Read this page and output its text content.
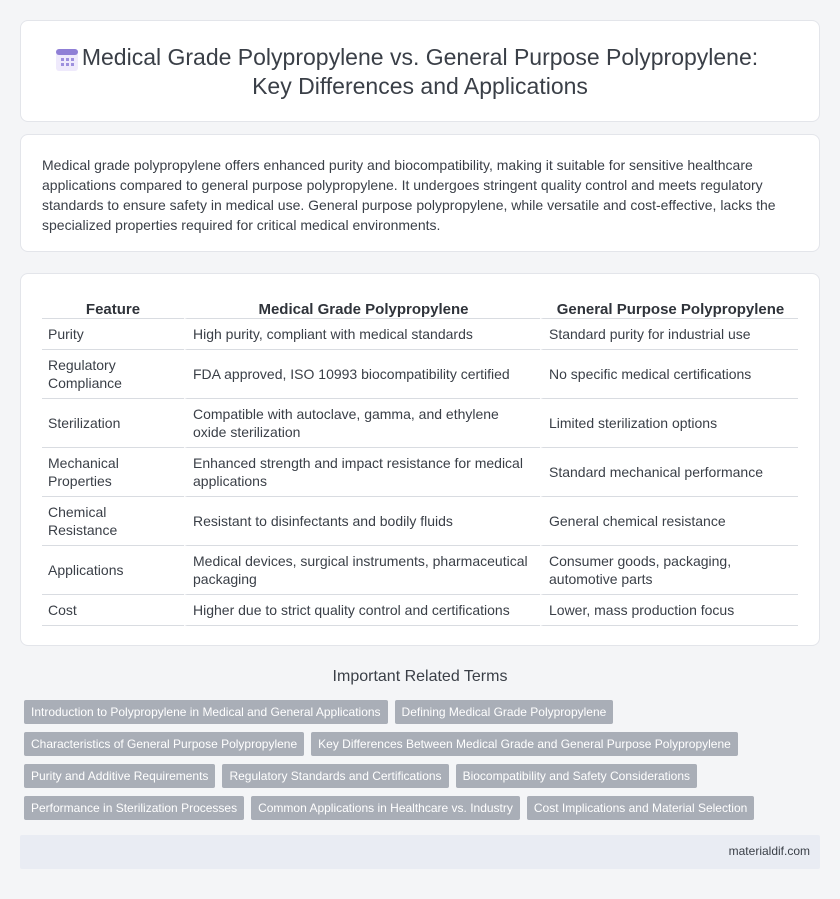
Medical Grade Polypropylene vs. General Purpose Polypropylene:
Key Differences and Applications

Medical grade polypropylene offers enhanced purity and biocompatibility, making it suitable for sensitive healthcare applications compared to general purpose polypropylene. It undergoes stringent quality control and meets regulatory standards to ensure safety in medical use. General purpose polypropylene, while versatile and cost-effective, lacks the specialized properties required for critical medical environments.

Feature	Medical Grade Polypropylene	General Purpose Polypropylene
Purity	High purity, compliant with medical standards	Standard purity for industrial use
Regulatory Compliance	FDA approved, ISO 10993 biocompatibility certified	No specific medical certifications
Sterilization	Compatible with autoclave, gamma, and ethylene oxide sterilization	Limited sterilization options
Mechanical Properties	Enhanced strength and impact resistance for medical applications	Standard mechanical performance
Chemical Resistance	Resistant to disinfectants and bodily fluids	General chemical resistance
Applications	Medical devices, surgical instruments, pharmaceutical packaging	Consumer goods, packaging, automotive parts
Cost	Higher due to strict quality control and certifications	Lower, mass production focus
Important Related Terms
Introduction to Polypropylene in Medical and General Applications	Defining Medical Grade Polypropylene
Characteristics of General Purpose Polypropylene	Key Differences Between Medical Grade and General Purpose Polypropylene
Purity and Additive Requirements	Regulatory Standards and Certifications	Biocompatibility and Safety Considerations
Performance in Sterilization Processes	Common Applications in Healthcare vs. Industry	Cost Implications and Material Selection
materialdif.com
